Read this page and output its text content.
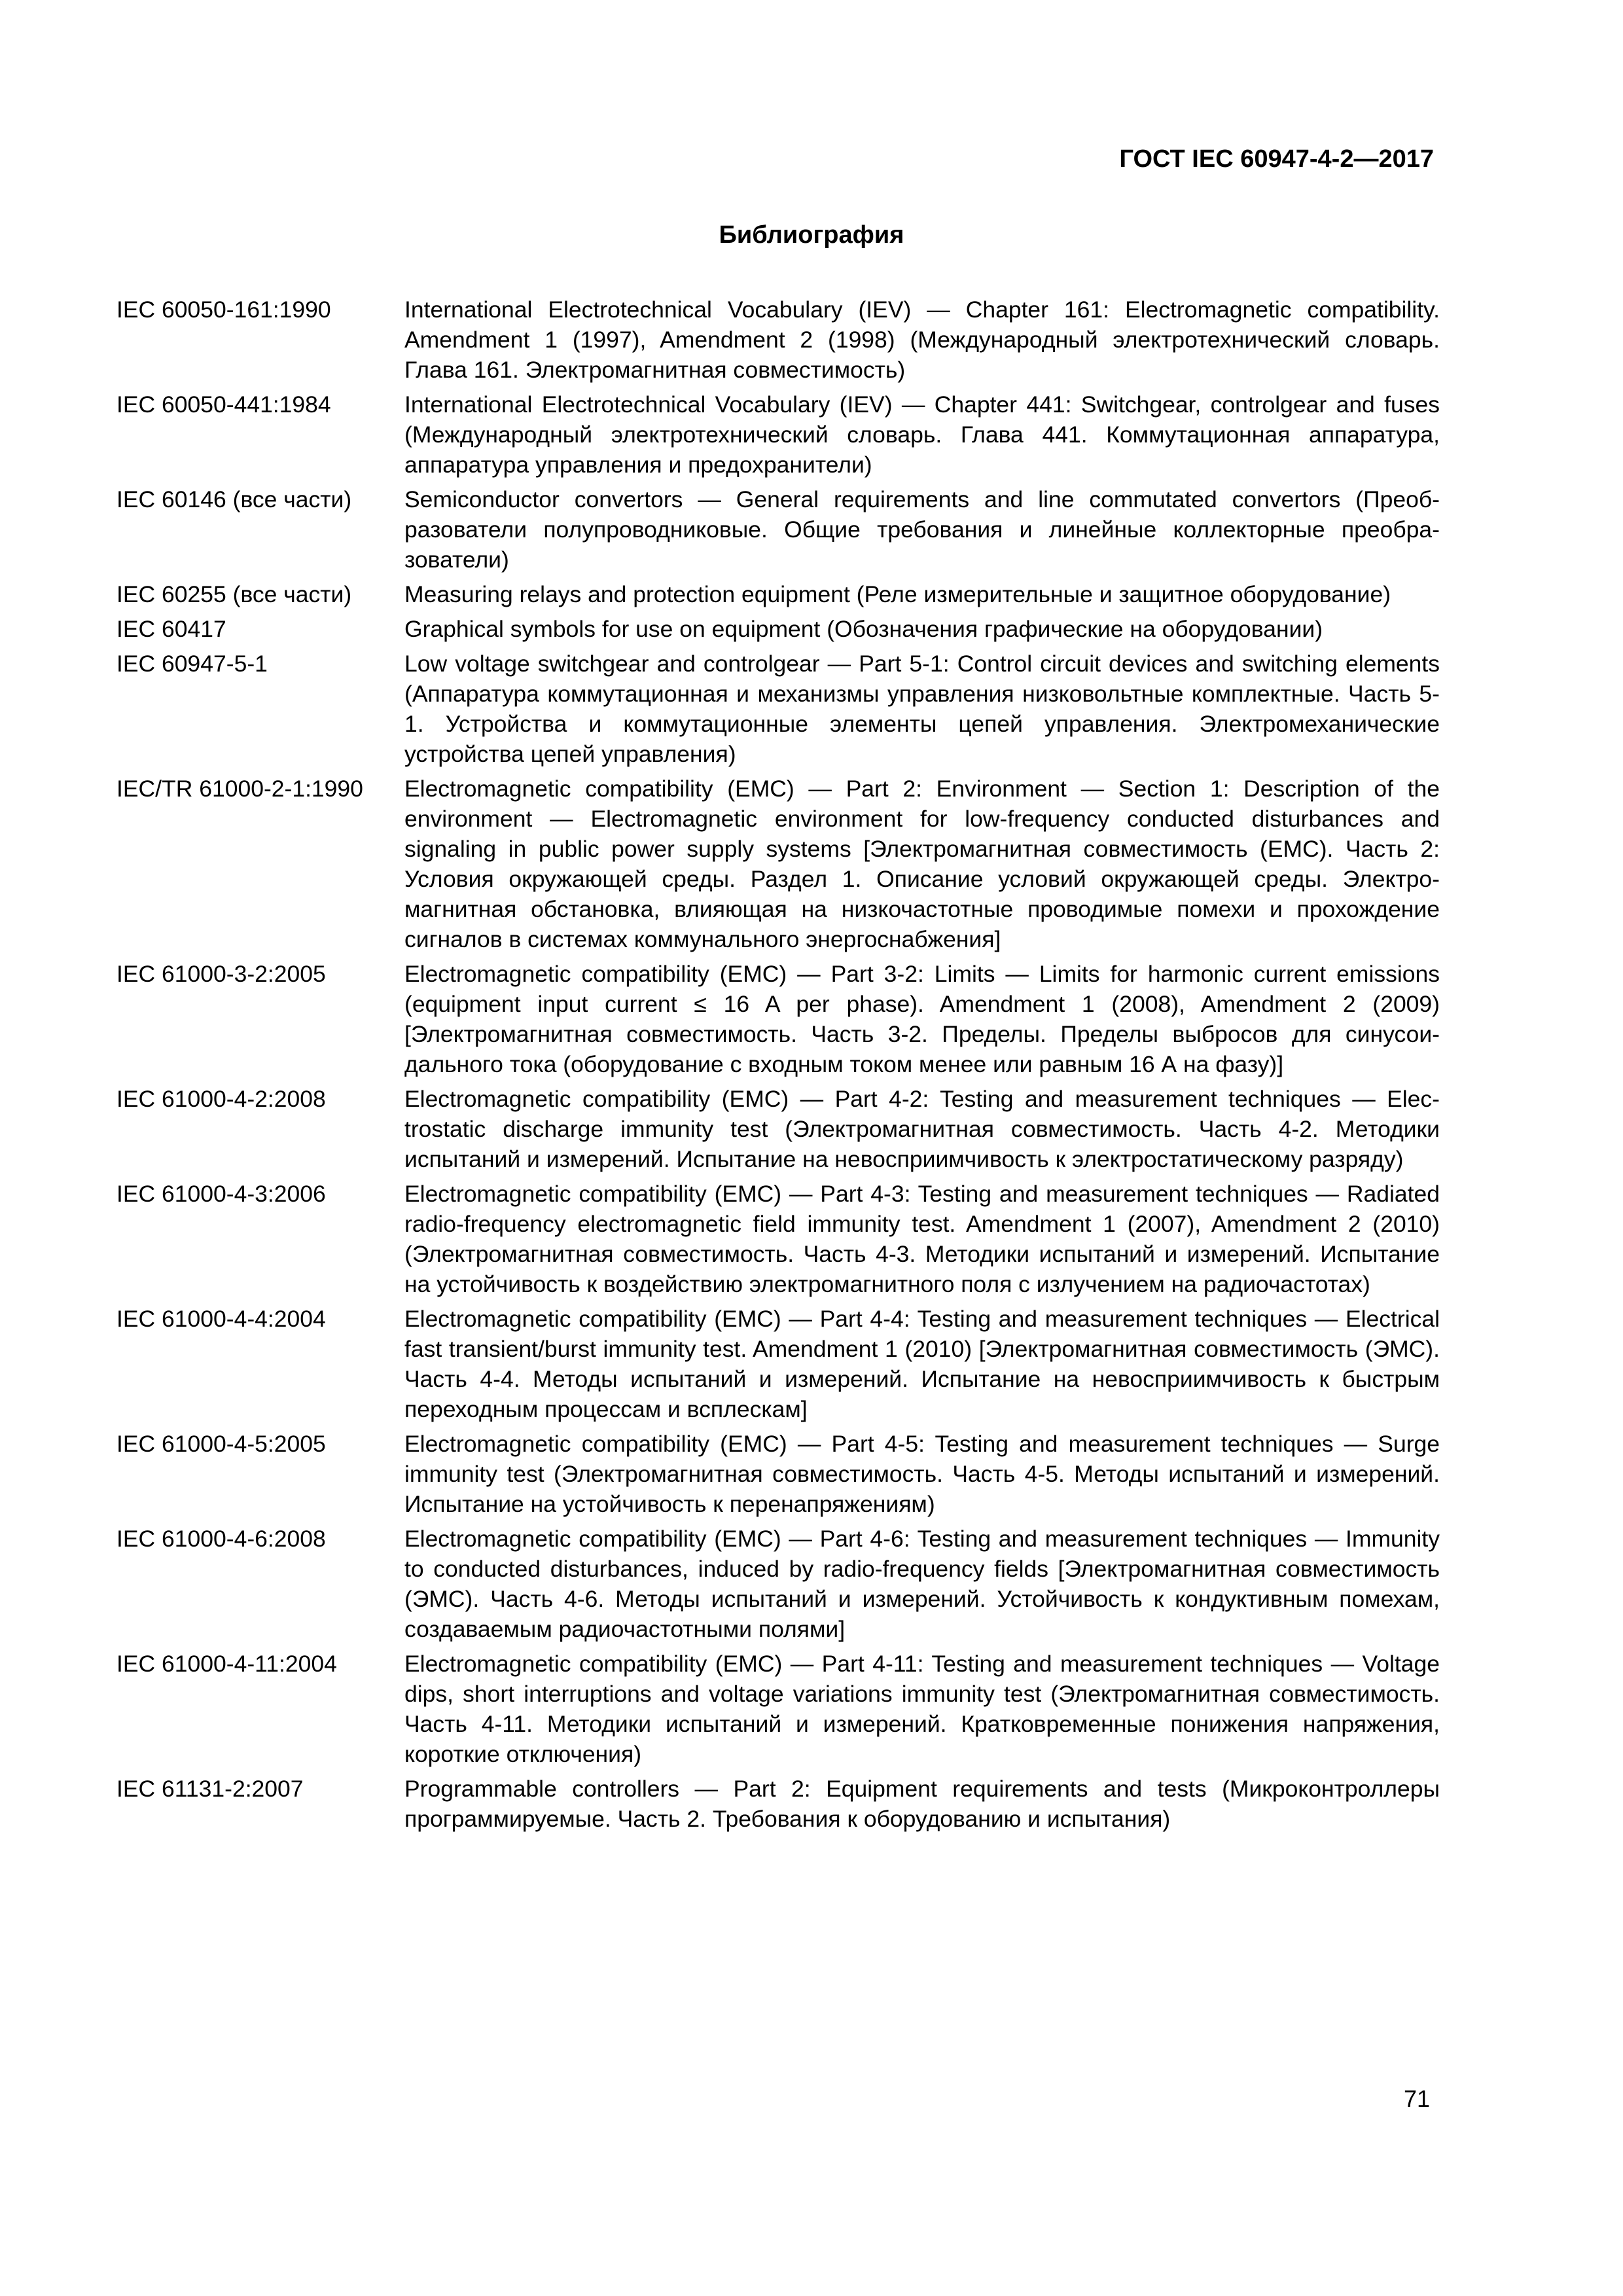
ГОСТ IEC 60947-4-2—2017
Библиография
IEC 60050-161:1990	International Electrotechnical Vocabulary (IEV) — Chapter 161: Electromagnetic compatibility. Amendment 1 (1997), Amendment 2 (1998) (Международный электротехнический словарь. Глава 161. Электромагнитная совместимость)
IEC 60050-441:1984	International Electrotechnical Vocabulary (IEV) — Chapter 441: Switchgear, controlgear and fuses (Международный электротехнический словарь. Глава 441. Коммутационная аппаратура, аппаратура управления и предохранители)
IEC 60146 (все части)	Semiconductor convertors — General requirements and line commutated convertors (Преобразователи полупроводниковые. Общие требования и линейные коллекторные преобразователи)
IEC 60255 (все части)	Measuring relays and protection equipment (Реле измерительные и защитное оборудование)
IEC 60417	Graphical symbols for use on equipment (Обозначения графические на оборудовании)
IEC 60947-5-1	Low voltage switchgear and controlgear — Part 5-1: Control circuit devices and switching elements (Аппаратура коммутационная и механизмы управления низковольтные комплектные. Часть 5-1. Устройства и коммутационные элементы цепей управления. Электромеханические устройства цепей управления)
IEC/TR 61000-2-1:1990	Electromagnetic compatibility (EMC) — Part 2: Environment — Section 1: Description of the environment — Electromagnetic environment for low-frequency conducted disturbances and signaling in public power supply systems [Электромагнитная совместимость (ЕМС). Часть 2: Условия окружающей среды. Раздел 1. Описание условий окружающей среды. Электромагнитная обстановка, влияющая на низкочастотные проводимые помехи и прохождение сигналов в системах коммунального энергоснабжения]
IEC 61000-3-2:2005	Electromagnetic compatibility (EMC) — Part 3-2: Limits — Limits for harmonic current emissions (equipment input current ≤ 16 A per phase). Amendment 1 (2008), Amendment 2 (2009) [Электромагнитная совместимость. Часть 3-2. Пределы. Пределы выбросов для синусоидального тока (оборудование с входным током менее или равным 16 А на фазу)]
IEC 61000-4-2:2008	Electromagnetic compatibility (EMC) — Part 4-2: Testing and measurement techniques — Electrostatic discharge immunity test (Электромагнитная совместимость. Часть 4-2. Методики испытаний и измерений. Испытание на невосприимчивость к электростатическому разряду)
IEC 61000-4-3:2006	Electromagnetic compatibility (EMC) — Part 4-3: Testing and measurement techniques — Radiated radio-frequency electromagnetic field immunity test. Amendment 1 (2007), Amendment 2 (2010) (Электромагнитная совместимость. Часть 4-3. Методики испытаний и измерений. Испытание на устойчивость к воздействию электромагнитного поля с излучением на радиочастотах)
IEC 61000-4-4:2004	Electromagnetic compatibility (EMC) — Part 4-4: Testing and measurement techniques — Electrical fast transient/burst immunity test. Amendment 1 (2010) [Электромагнитная совместимость (ЭМС). Часть 4-4. Методы испытаний и измерений. Испытание на невосприимчивость к быстрым переходным процессам и всплескам]
IEC 61000-4-5:2005	Electromagnetic compatibility (EMC) — Part 4-5: Testing and measurement techniques — Surge immunity test (Электромагнитная совместимость. Часть 4-5. Методы испытаний и измерений. Испытание на устойчивость к перенапряжениям)
IEC 61000-4-6:2008	Electromagnetic compatibility (EMC) — Part 4-6: Testing and measurement techniques — Immunity to conducted disturbances, induced by radio-frequency fields [Электромагнитная совместимость (ЭМС). Часть 4-6. Методы испытаний и измерений. Устойчивость к кондуктивным помехам, создаваемым радиочастотными полями]
IEC 61000-4-11:2004	Electromagnetic compatibility (EMC) — Part 4-11: Testing and measurement techniques — Voltage dips, short interruptions and voltage variations immunity test (Электромагнитная совместимость. Часть 4-11. Методики испытаний и измерений. Кратковременные понижения напряжения, короткие отключения)
IEC 61131-2:2007	Programmable controllers — Part 2: Equipment requirements and tests (Микроконтроллеры программируемые. Часть 2. Требования к оборудованию и испытания)
71
